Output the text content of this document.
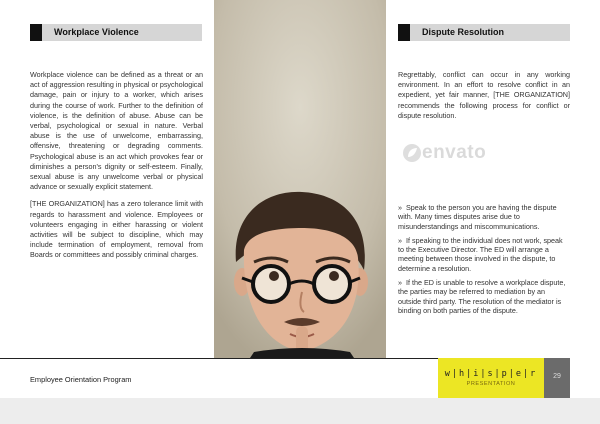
Workplace Violence

Workplace violence can be defined as a threat or an act of aggression resulting in physical or psychological damage, pain or injury to a worker, which arises during the course of work. Further to the definition of violence, is the definition of abuse. Abuse can be verbal, psychological or sexual in nature. Verbal abuse is the use of unwelcome, embarrassing, offensive, threatening or degrading comments. Psychological abuse is an act which provokes fear or diminishes a person's dignity or self-esteem. Finally, sexual abuse is any unwelcome verbal or physical advance or sexually explicit statement.

[THE ORGANIZATION] has a zero tolerance limit with regards to harassment and violence. Employees or volunteers engaging in either harassing or violent activities will be subject to discipline, which may include termination of employment, removal from Boards or committees and possibly criminal charges.

Dispute Resolution

Regrettably, conflict can occur in any working environment. In an effort to resolve conflict in an expedient, yet fair manner, [THE ORGANIZATION] recommends the following process for conflict or dispute resolution.

envato
» Speak to the person you are having the dispute with. Many times disputes arise due to misunderstandings and miscommunications.
» If speaking to the individual does not work, speak to the Executive Director. The ED will arrange a meeting between those involved in the dispute, to determine a resolution.
» If the ED is unable to resolve a workplace dispute, the parties may be referred to mediation by an outside third party. The resolution of the mediator is binding on both parties of the dispute.
Employee Orientation Program
w|h|i|s|p|e|r
PRESENTATION
29
